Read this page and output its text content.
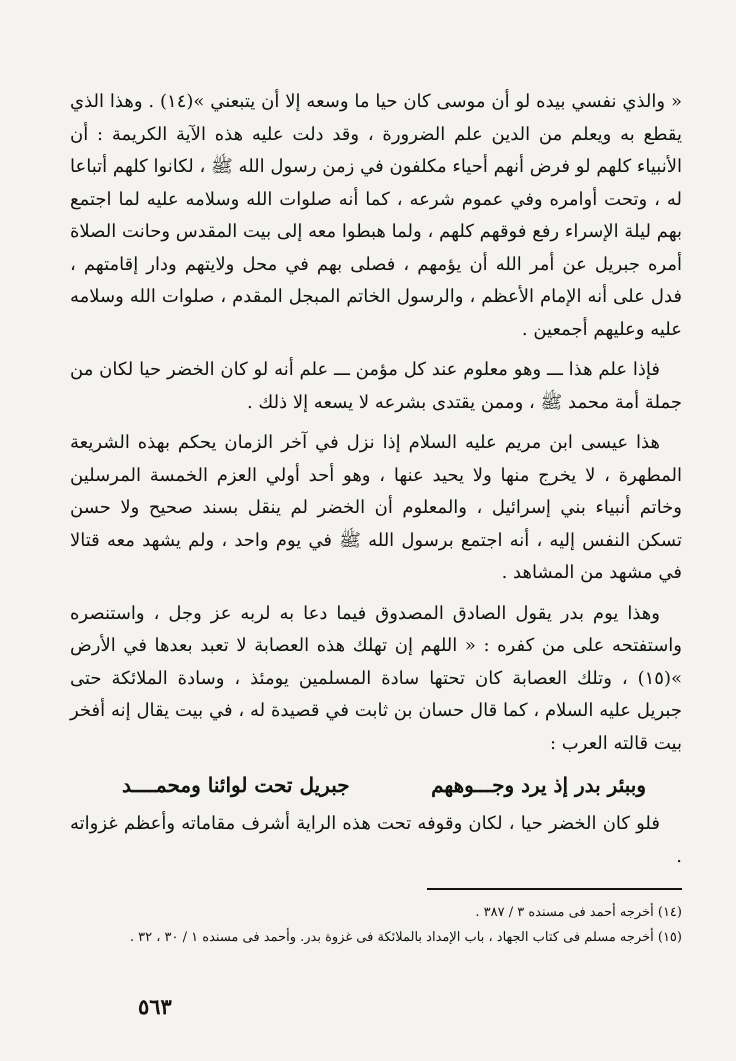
« والذي نفسي بيده لو أن موسى كان حيا ما وسعه إلا أن يتبعني »(١٤) . وهذا الذي يقطع به ويعلم من الدين علم الضرورة ، وقد دلت عليه هذه الآية الكريمة : أن الأنبياء كلهم لو فرض أنهم أحياء مكلفون في زمن رسول الله ﷺ ، لكانوا كلهم أتباعا له ، وتحت أوامره وفي عموم شرعه ، كما أنه صلوات الله وسلامه عليه لما اجتمع بهم ليلة الإسراء رفع فوقهم كلهم ، ولما هبطوا معه إلى بيت المقدس وحانت الصلاة أمره جبريل عن أمر الله أن يؤمهم ، فصلى بهم في محل ولايتهم ودار إقامتهم ، فدل على أنه الإمام الأعظم ، والرسول الخاتم المبجل المقدم ، صلوات الله وسلامه عليه وعليهم أجمعين .

فإذا علم هذا ـــ وهو معلوم عند كل مؤمن ـــ علم أنه لو كان الخضر حيا لكان من جملة أمة محمد ﷺ ، وممن يقتدى بشرعه لا يسعه إلا ذلك .

هذا عيسى ابن مريم عليه السلام إذا نزل في آخر الزمان يحكم بهذه الشريعة المطهرة ، لا يخرج منها ولا يحيد عنها ، وهو أحد أولي العزم الخمسة المرسلين وخاتم أنبياء بني إسرائيل ، والمعلوم أن الخضر لم ينقل بسند صحيح ولا حسن تسكن النفس إليه ، أنه اجتمع برسول الله ﷺ في يوم واحد ، ولم يشهد معه قتالا في مشهد من المشاهد .

وهذا يوم بدر يقول الصادق المصدوق فيما دعا به لربه عز وجل ، واستنصره واستفتحه على من كفره : « اللهم إن تهلك هذه العصابة لا تعبد بعدها في الأرض »(١٥) ، وتلك العصابة كان تحتها سادة المسلمين يومئذ ، وسادة الملائكة حتى جبريل عليه السلام ، كما قال حسان بن ثابت في قصيدة له ، في بيت يقال إنه أفخر بيت قالته العرب :

وببئر بدر إذ يرد وجـــوههم
جبريل تحت لوائنا ومحمــــد

فلو كان الخضر حيا ، لكان وقوفه تحت هذه الراية أشرف مقاماته وأعظم غزواته .

(١٤) أخرجه أحمد فى مسنده ٣ / ٣٨٧ .

(١٥) أخرجه مسلم فى كتاب الجهاد ، باب الإمداد بالملائكة فى غزوة بدر. وأحمد فى مسنده ١ / ٣٠ ، ٣٢ .

٥٦٣
